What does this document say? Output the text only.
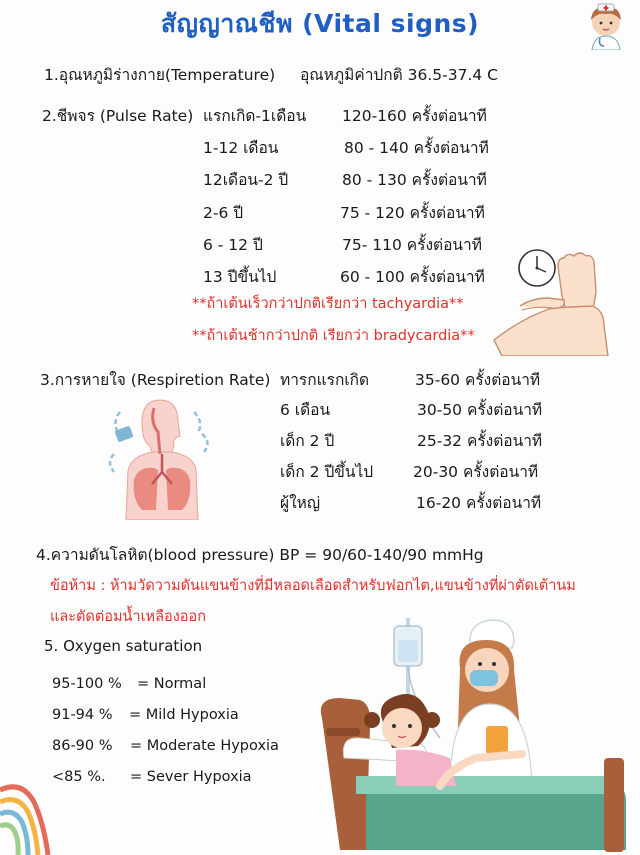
สัญญาณชีพ (Vital signs)
1.อุณหภูมิร่างกาย(Temperature) อุณหภูมิค่าปกติ 36.5-37.4 C
2.ชีพจร (Pulse Rate) แรกเกิด-1เดือน 120-160 ครั้งต่อนาที
1-12 เดือน	80 - 140 ครั้งต่อนาที
12เดือน-2 ปี	80 - 130 ครั้งต่อนาที
2-6 ปี	75 - 120 ครั้งต่อนาที
6 - 12 ปี	75- 110 ครั้งต่อนาที
13 ปีขึ้นไป	60 - 100 ครั้งต่อนาที
**ถ้าเต้นเร็วกว่าปกติเรียกว่า tachyardia**
**ถ้าเต้นช้ากว่าปกติ เรียกว่า bradycardia**
3.การหายใจ (Respiretion Rate) ทารกแรกเกิด	35-60 ครั้งต่อนาที
6 เดือน	30-50 ครั้งต่อนาที
เด็ก 2 ปี	25-32 ครั้งต่อนาที
เด็ก 2 ปีขึ้นไป	20-30 ครั้งต่อนาที
ผู้ใหญ่	16-20 ครั้งต่อนาที
4.ความดันโลหิต(blood pressure) BP = 90/60-140/90 mmHg
ข้อห้าม : ห้ามวัดวามดันแขนข้างที่มีหลอดเลือดสำหรับฟอกไต,แขนข้างที่ผ่าตัดเต้านม
และตัดต่อมน้ำเหลืองออก
5. Oxygen saturation
95-100 % = Normal
91-94 % = Mild Hypoxia
86-90 % = Moderate Hypoxia
<85 %. = Sever Hypoxia
